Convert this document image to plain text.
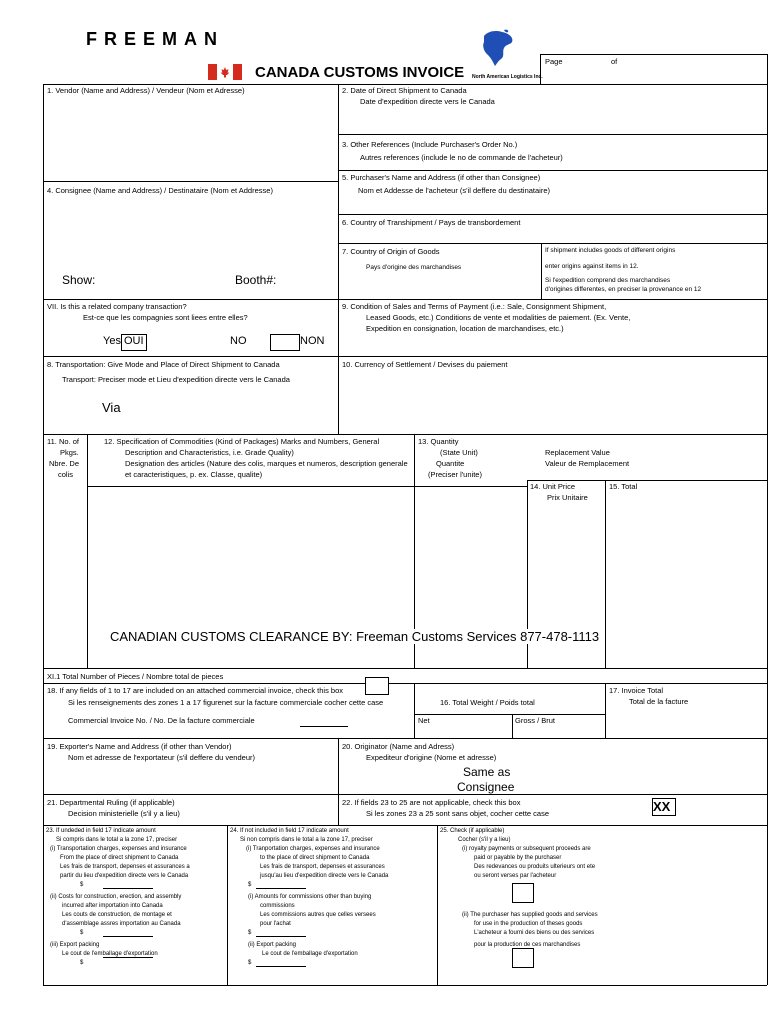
FREEMAN
CANADA CUSTOMS INVOICE North American Logistics Inc.
Page	of
1. Vendor (Name and Address) / Vendeur (Nom et Adresse)	2. Date of Direct Shipment to Canada
Date d'expedition directe vers le Canada
3. Other References (Include Purchaser's Order No.)
Autres references (include le no de commande de l'acheteur)
5. Purchaser's Name and Address (if other than Consignee)
Nom et Addesse de l'acheteur (s'il deffere du destinataire)
4. Consignee (Name and Address) / Destinataire (Nom et Addresse)
6. Country of Transhipment / Pays de transbordement
7. Country of Origin of Goods
Pays d'origine des marchandises
If shipment includes goods of different origins
enter origins against items in 12.
Si l'expedition comprend des marchandises
d'origines differentes, en preciser la provenance en 12
Show:	Booth#:
VII. Is this a related company transaction?
Est-ce que les compagnies sont liees entre elles?
Yes OUI	NO	NON
9. Condition of Sales and Terms of Payment (i.e.: Sale, Consignment Shipment,
Leased Goods, etc.) Conditions de vente et modalities de paiement. (Ex. Vente,
Expedition en consignation, location de marchandises, etc.)
8. Transportation: Give Mode and Place of Direct Shipment to Canada
Transport: Preciser mode et Lieu d'expedition directe vers le Canada
Via
10. Currency of Settlement / Devises du paiement
11. No. of
Pkgs.
Nbre. De
colis
12. Specification of Commodities (Kind of Packages) Marks and Numbers, General
Description and Characteristics, i.e. Grade Quality)
Designation des articles (Nature des colis, marques et numeros, description generale
et caracteristiques, p. ex. Classe, qualite)
13. Quantity
(State Unit)
Quantite
(Preciser l'unite)
Replacement Value
Valeur de Remplacement
14. Unit Price
Prix Unitaire
15. Total
CANADIAN CUSTOMS CLEARANCE BY: Freeman Customs Services 877-478-1113
XI.1 Total Number of Pieces / Nombre total de pieces
18. If any fields of 1 to 17 are included on an attached commercial invoice, check this box
Si les renseignements des zones 1 a 17 figurenet sur la facture commerciale cocher cette case
Commercial Invoice No. / No. De la facture commerciale
16. Total Weight / Poids total
Net	Gross / Brut
17. Invoice Total
Total de la facture
19. Exporter's Name and Address (if other than Vendor)
Nom et adresse de l'exportateur (s'il deffere du vendeur)
20. Originator (Name and Adress)
Expediteur d'origine (Nome et adresse)
Same as
Consignee
21. Departmental Ruling (if applicable)
Decision ministerielle (s'il y a lieu)
22. If fields 23 to 25 are not applicable, check this box
Si les zones 23 a 25 sont sans objet, cocher cette case	XX
23. If undeded in field 17 indicate amount
Si compris dans le total a la zone 17, preciser
(i) Transportation charges, expenses and insurance
From the place of direct shipment to Canada
Les frais de transport, depenses et assurances a
partir du lieu d'expedition directe vers le Canada
$
(ii) Costs for construction, erection, and assembly
incurred after importation into Canada
Les couts de construction, de montage et
d'assemblage assres importation au Canada
$
(iii) Export packing
Le cout de l'emballage d'exportation
$
24. If not included in field 17 indicate amount
Si non compris dans le total a la zone 17, preciser
(i) Tranportation charges, expenses and insurance
to the place of direct shipment to Canada
Les frais de transport, depenses et assurances
jusqu'au lieu d'expedition directe vers le Canada
$
(i) Amounts for commissions other than buying
commissions
Les commissions autres que celles versees
pour l'achat
$
(ii) Export packing
Le cout de l'emballage d'exportation
$
25. Check (if applicable)
Cocher (s'il y a lieu)
(i) royalty payments or subsequent proceeds are
paid or payable by the purchaser
Des redevances ou produits ulterieurs ont ete
ou seront verses par l'acheteur
(ii) The purchaser has supplied goods and services
for use in the production of theses goods
L'acheteur a fourni des biens ou des services
pour la production de ces marchandises
